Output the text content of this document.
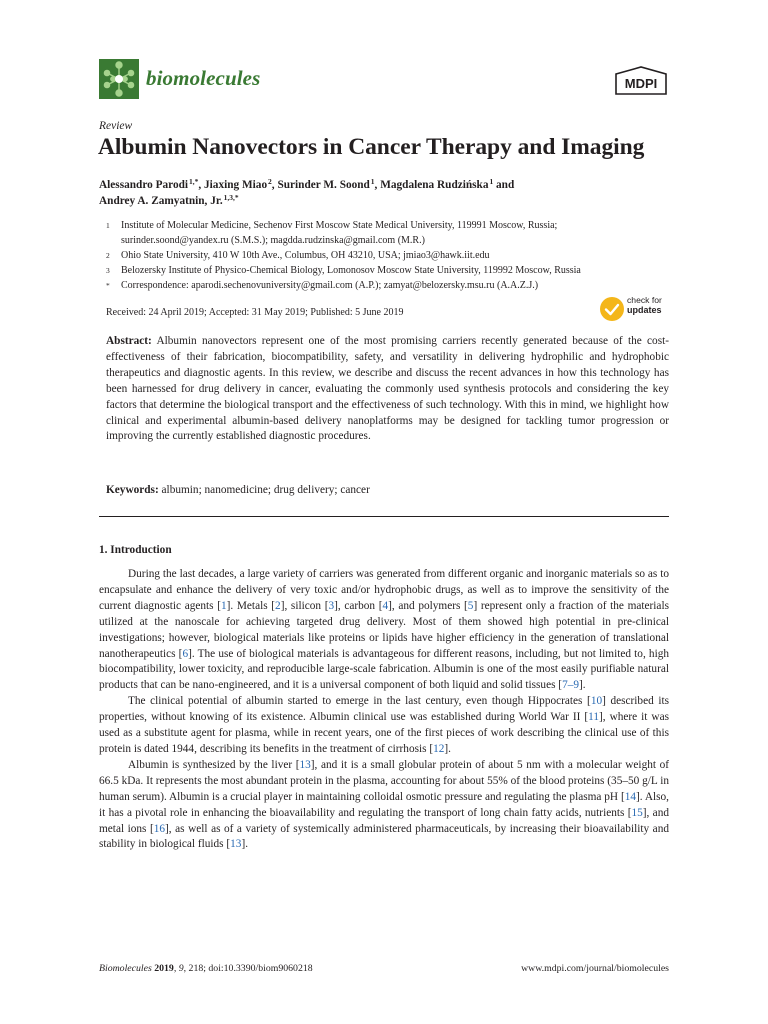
biomolecules	MDPI
Review
Albumin Nanovectors in Cancer Therapy and Imaging
Alessandro Parodi $^{1,*}$, Jiaxing Miao $^2$, Surinder M. Soond $^1$, Magdalena Rudzińska $^1$ and
Andrey A. Zamyatnin, Jr. $^{1,3,*}$
1	Institute of Molecular Medicine, Sechenov First Moscow State Medical University, 119991 Moscow, Russia;
surinder.soond@yandex.ru (S.M.S.); magdda.rudzinska@gmail.com (M.R.)
2	Ohio State University, 410 W 10th Ave., Columbus, OH 43210, USA; jmiao3@hawk.iit.edu
3	Belozersky Institute of Physico-Chemical Biology, Lomonosov Moscow State University, 119992 Moscow, Russia
*	Correspondence: aparodi.sechenovuniversity@gmail.com (A.P.); zamyat@belozersky.msu.ru (A.A.Z.J.)
Received: 24 April 2019; Accepted: 31 May 2019; Published: 5 June 2019
check for
updates
Abstract: Albumin nanovectors represent one of the most promising carriers recently generated because of the cost-effectiveness of their fabrication, biocompatibility, safety, and versatility in delivering hydrophilic and hydrophobic therapeutics and diagnostic agents. In this review, we describe and discuss the recent advances in how this technology has been harnessed for drug delivery in cancer, evaluating the commonly used synthesis protocols and considering the key factors that determine the biological transport and the effectiveness of such technology. With this in mind, we highlight how clinical and experimental albumin-based delivery nanoplatforms may be designed for tackling tumor progression or improving the currently established diagnostic procedures.
Keywords: albumin; nanomedicine; drug delivery; cancer
1. Introduction

During the last decades, a large variety of carriers was generated from different organic and inorganic materials so as to encapsulate and enhance the delivery of very toxic and/or hydrophobic drugs, as well as to improve the sensitivity of the current diagnostic agents [1]. Metals [2], silicon [3], carbon [4], and polymers [5] represent only a fraction of the materials utilized at the nanoscale for achieving targeted drug delivery. Most of them showed high potential in pre-clinical investigations; however, biological materials like proteins or lipids have higher efficiency in the generation of translational nanotherapeutics [6]. The use of biological materials is advantageous for different reasons, including, but not limited to, high biocompatibility, lower toxicity, and reproducible large-scale fabrication. Albumin is one of the most easily purifiable natural products that can be nano-engineered, and it is a universal component of both liquid and solid tissues [7–9].

The clinical potential of albumin started to emerge in the last century, even though Hippocrates [10] described its properties, without knowing of its existence. Albumin clinical use was established during World War II [11], where it was used as a substitute agent for plasma, while in recent years, one of the first pieces of work describing the clinical use of this protein is dated 1944, describing its benefits in the treatment of cirrhosis [12].

Albumin is synthesized by the liver [13], and it is a small globular protein of about 5 nm with a molecular weight of 66.5 kDa. It represents the most abundant protein in the plasma, accounting for about 55% of the blood proteins (35–50 g/L in human serum). Albumin is a crucial player in maintaining colloidal osmotic pressure and regulating the plasma pH [14]. Also, it has a pivotal role in enhancing the bioavailability and regulating the transport of long chain fatty acids, nutrients [15], and metal ions [16], as well as of a variety of systemically administered pharmaceuticals, by increasing their bioavailability and stability in biological fluids [13].

Biomolecules 2019, 9, 218; doi:10.3390/biom9060218	www.mdpi.com/journal/biomolecules
